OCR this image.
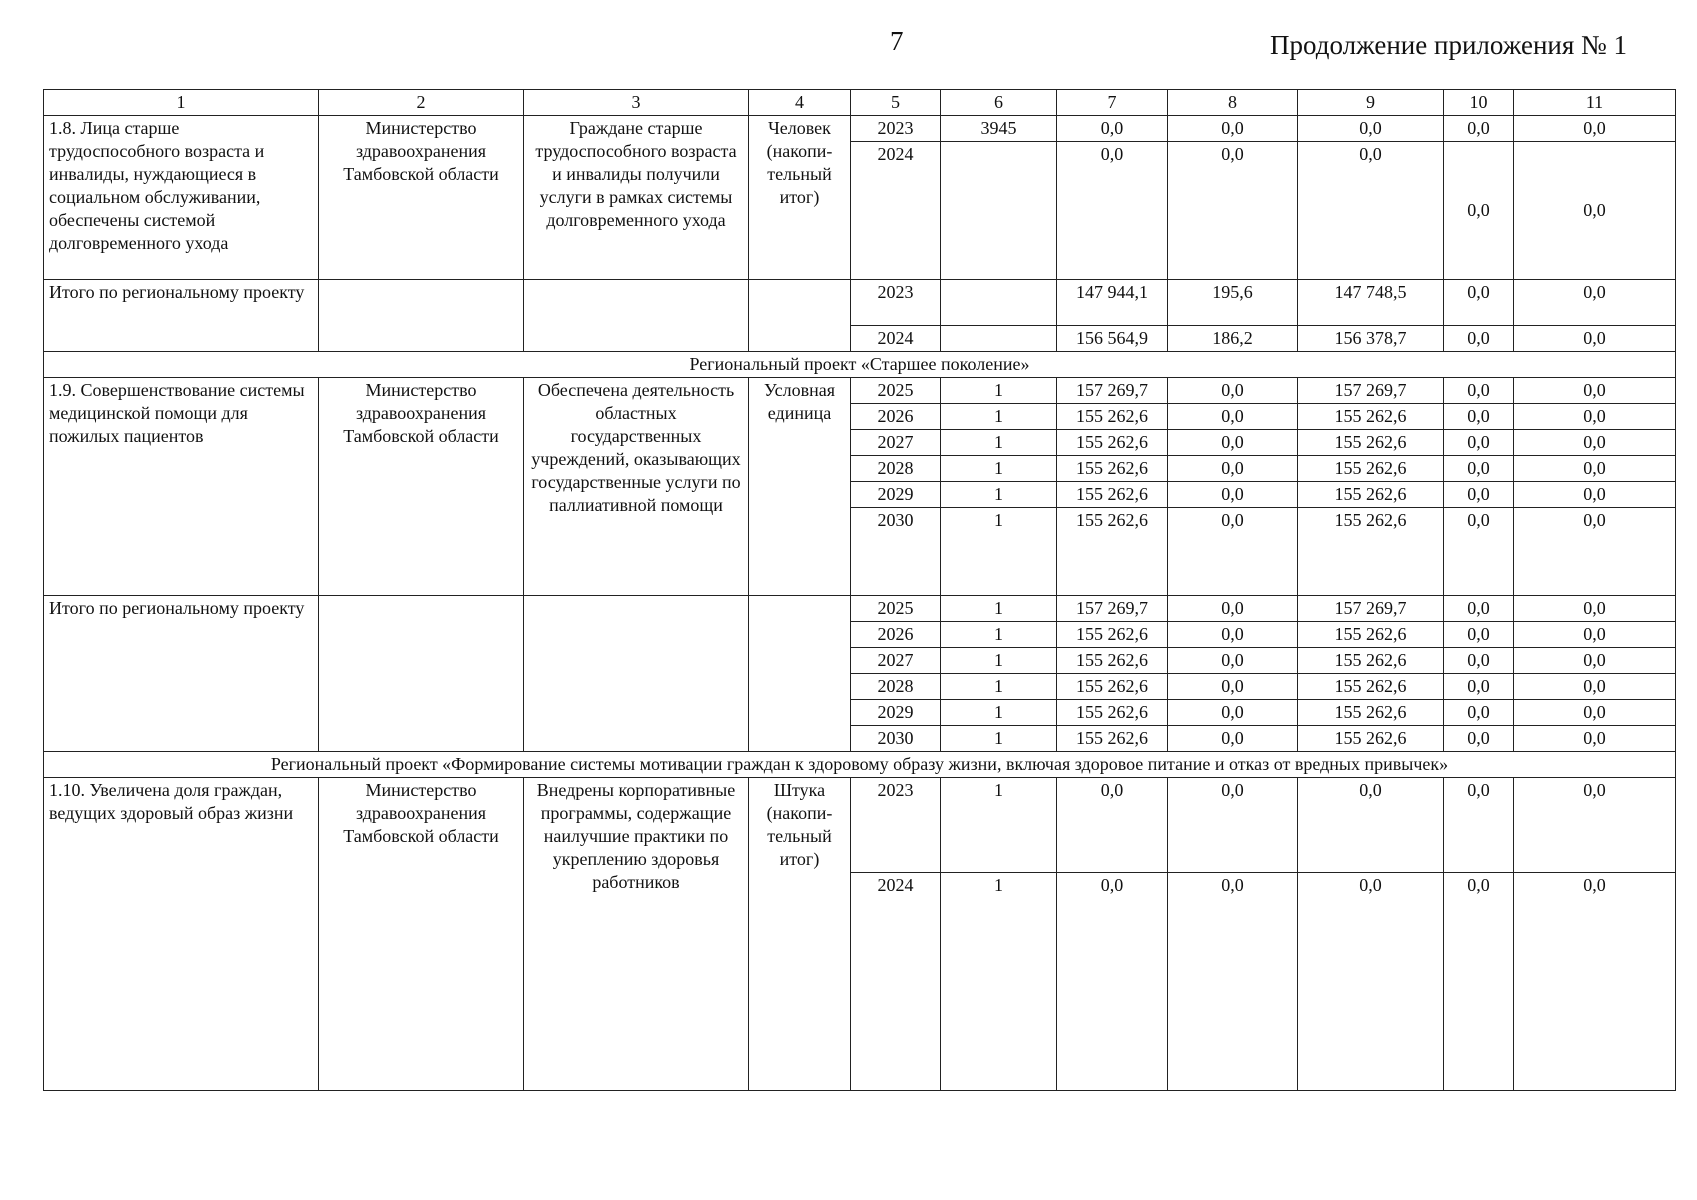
7	Продолжение приложения № 1
1	2	3	4	5	6	7	8	9	10	11
1.8. Лица старше трудоспособного возраста и инвалиды, нуждающиеся в социальном обслуживании, обеспечены системой долговременного ухода	Министерство здравоохранения Тамбовской области	Граждане старше трудоспособного возраста и инвалиды получили услуги в рамках системы долговременного ухода	Человек (накопи-тельный итог)	2023	3945	0,0	0,0	0,0	0,0	0,0
				2024		0,0	0,0	0,0	0,0	0,0
Итого по региональному проекту				2023		147 944,1	195,6	147 748,5	0,0	0,0
				2024		156 564,9	186,2	156 378,7	0,0	0,0
Региональный проект «Старшее поколение»										
1.9. Совершенствование системы медицинской помощи для пожилых пациентов	Министерство здравоохранения Тамбовской области	Обеспечена деятельность областных государственных учреждений, оказывающих государственные услуги по паллиативной помощи	Условная единица	2025	1	157 269,7	0,0	157 269,7	0,0	0,0
				2026	1	155 262,6	0,0	155 262,6	0,0	0,0
				2027	1	155 262,6	0,0	155 262,6	0,0	0,0
				2028	1	155 262,6	0,0	155 262,6	0,0	0,0
				2029	1	155 262,6	0,0	155 262,6	0,0	0,0
				2030	1	155 262,6	0,0	155 262,6	0,0	0,0
Итого по региональному проекту				2025	1	157 269,7	0,0	157 269,7	0,0	0,0
				2026	1	155 262,6	0,0	155 262,6	0,0	0,0
				2027	1	155 262,6	0,0	155 262,6	0,0	0,0
				2028	1	155 262,6	0,0	155 262,6	0,0	0,0
				2029	1	155 262,6	0,0	155 262,6	0,0	0,0
				2030	1	155 262,6	0,0	155 262,6	0,0	0,0
Региональный проект «Формирование системы мотивации граждан к здоровому образу жизни, включая здоровое питание и отказ от вредных привычек»										
1.10. Увеличена доля граждан, ведущих здоровый образ жизни	Министерство здравоохранения Тамбовской области	Внедрены корпоративные программы, содержащие наилучшие практики по укреплению здоровья работников	Штука (накопи-тельный итог)	2023	1	0,0	0,0	0,0	0,0	0,0
				2024	1	0,0	0,0	0,0	0,0	0,0
